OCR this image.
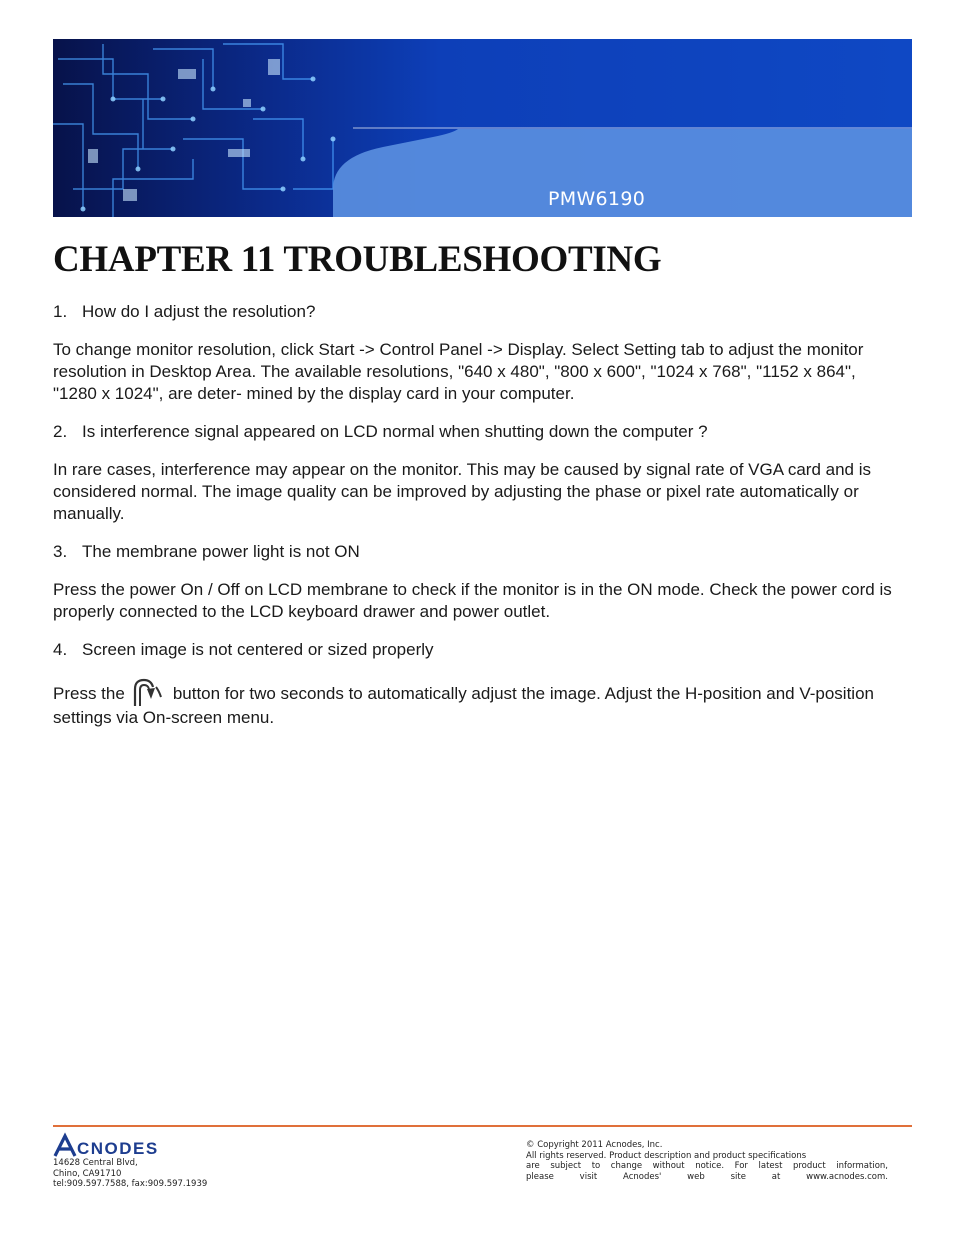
PMW6190
19” wide screen open frame LCD
CHAPTER 11 TROUBLESHOOTING

1. How do I adjust the resolution?

To change monitor resolution, click Start -> Control Panel -> Display. Select Setting tab to adjust the monitor resolution in Desktop Area. The available resolutions, "640 x 480", "800 x 600", "1024 x 768", "1152 x 864", "1280 x 1024", are deter- mined by the display card in your computer.

2. Is interference signal appeared on LCD normal when shutting down the computer ?

In rare cases, interference may appear on the monitor. This may be caused by signal rate of VGA card and is considered normal. The image quality can be improved by adjusting the phase or pixel rate automatically or manually.

3. The membrane power light is not ON

Press the power On / Off on LCD membrane to check if the monitor is in the ON mode. Check the power cord is properly connected to the LCD keyboard drawer and power outlet.

4. Screen image is not centered or sized properly

Press the	button for two seconds to automatically adjust the image. Adjust the H-position and V-position settings via On-screen menu.

CNODES
14628 Central Blvd,
Chino, CA91710
tel:909.597.7588, fax:909.597.1939
© Copyright 2011 Acnodes, Inc.
All rights reserved. Product description and product specifications
are subject to change without notice. For latest product information,
please visit Acnodes' web site at www.acnodes.com.
